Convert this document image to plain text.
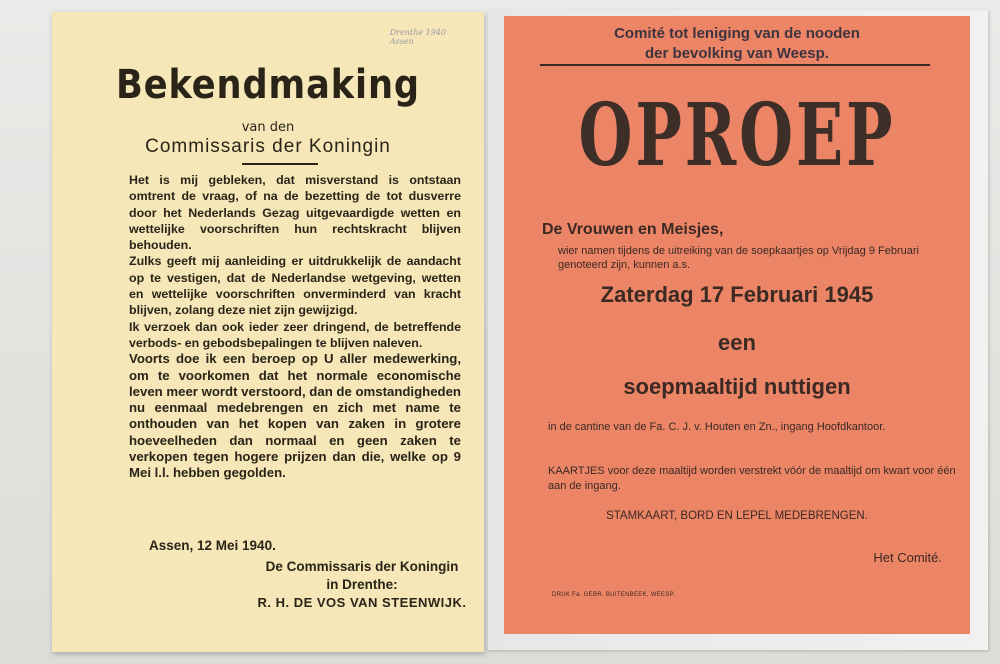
Drenthe 1940
Assen
Bekendmaking
van den
Commissaris der Koningin

Het is mij gebleken, dat misverstand is ontstaan omtrent de vraag, of na de bezetting de tot dusverre door het Nederlands Gezag uitgevaardigde wetten en wettelijke voorschriften hun rechtskracht blijven behouden.

Zulks geeft mij aanleiding er uitdrukkelijk de aandacht op te vestigen, dat de Nederlandse wetgeving, wetten en wettelijke voorschriften onverminderd van kracht blijven, zolang deze niet zijn gewijzigd.

Ik verzoek dan ook ieder zeer dringend, de betreffende verbods- en gebodsbepalingen te blijven naleven.

Voorts doe ik een beroep op U aller medewerking, om te voorkomen dat het normale economische leven meer wordt verstoord, dan de omstandigheden nu eenmaal medebrengen en zich met name te onthouden van het kopen van zaken in grotere hoeveelheden dan normaal en geen zaken te verkopen tegen hogere prijzen dan die, welke op 9 Mei l.l. hebben gegolden.

Assen, 12 Mei 1940.
De Commissaris der Koningin
in Drenthe:
R. H. DE VOS VAN STEENWIJK.
Comité tot leniging van de nooden
der bevolking van Weesp.
OPROEP
De Vrouwen en Meisjes,
wier namen tijdens de uitreiking van de soepkaartjes op Vrijdag 9 Februari genoteerd zijn, kunnen a.s.
Zaterdag 17 Februari 1945
een
soepmaaltijd nuttigen
in de cantine van de Fa. C. J. v. Houten en Zn., ingang Hoofdkantoor.
KAARTJES voor deze maaltijd worden verstrekt vóór de maaltijd om kwart voor één aan de ingang.
STAMKAART, BORD EN LEPEL MEDEBRENGEN.
Het Comité.
DRUK Fa. GEBR. BUITENBEEK, WEESP.
